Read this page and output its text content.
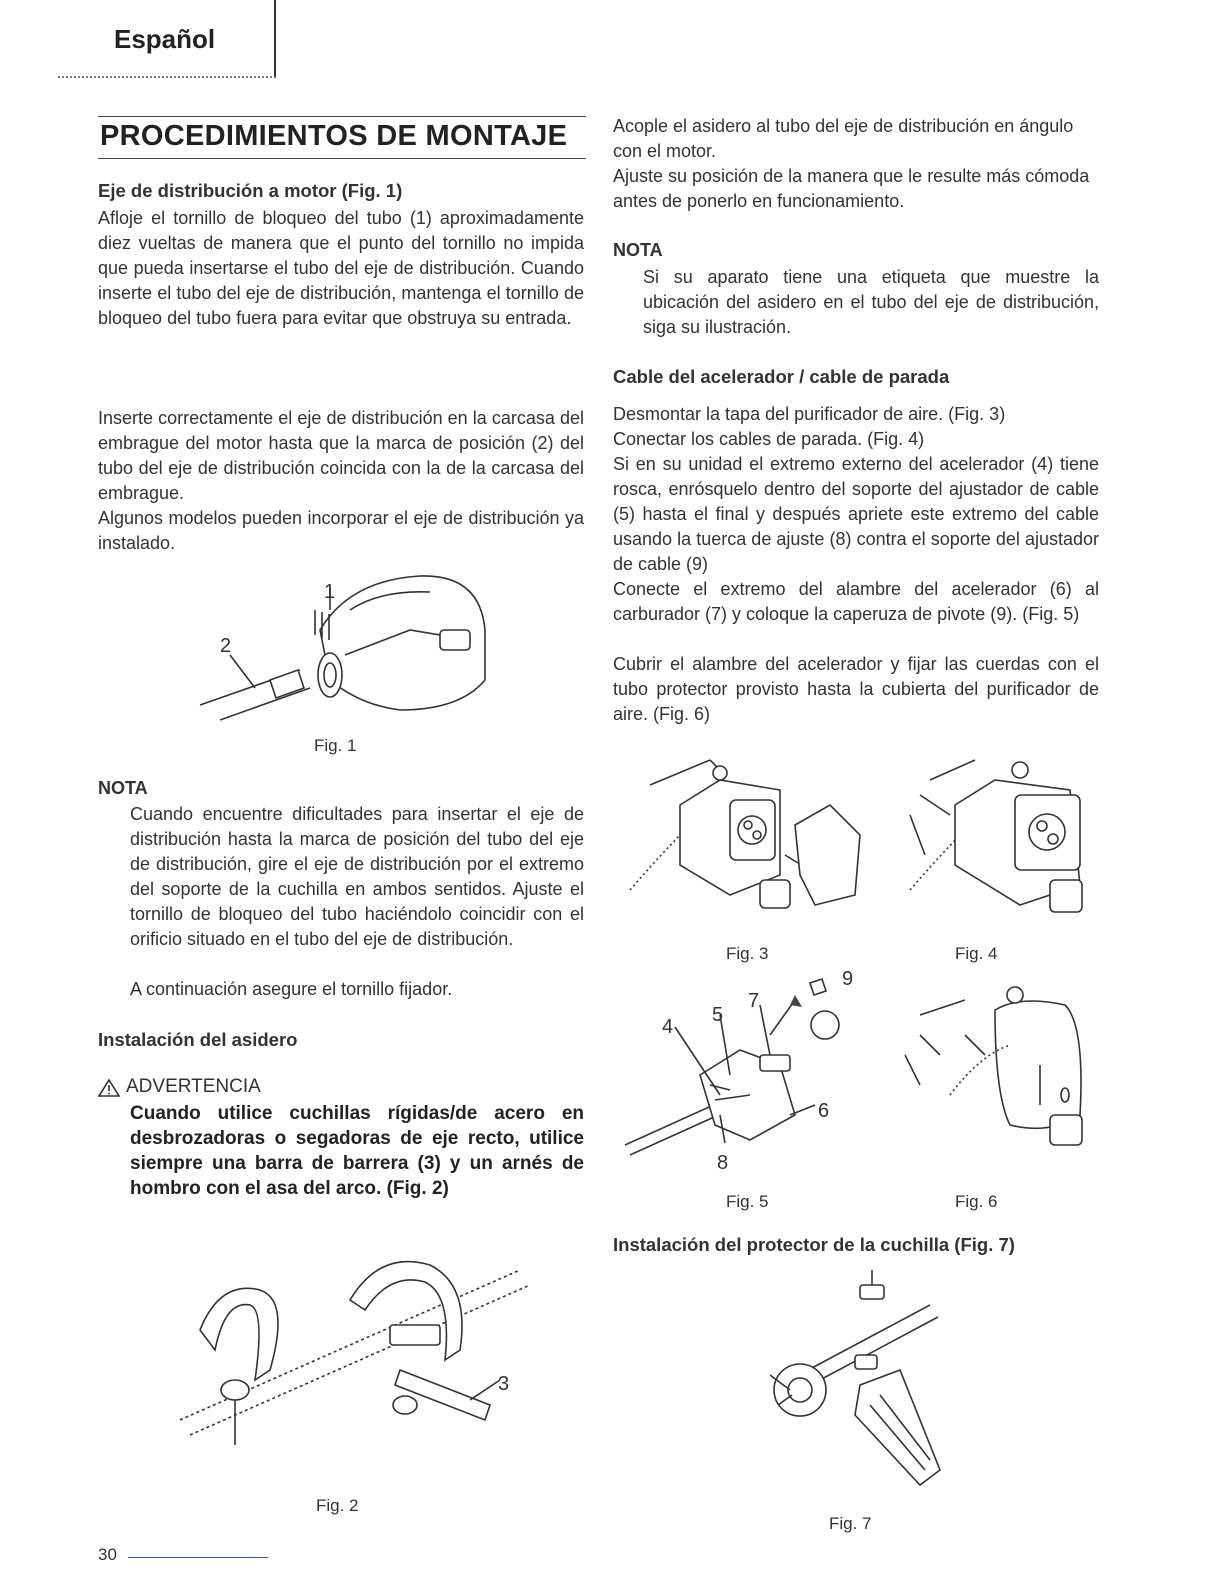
Español
PROCEDIMIENTOS DE MONTAJE
Eje de distribución a motor (Fig. 1)
Afloje el tornillo de bloqueo del tubo (1) aproximadamente diez vueltas de manera que el punto del tornillo no impida que pueda insertarse el tubo del eje de distribución. Cuando inserte el tubo del eje de distribución, mantenga el tornillo de bloqueo del tubo fuera para evitar que obstruya su entrada.
Inserte correctamente el eje de distribución en la carcasa del embrague del motor hasta que la marca de posición (2) del tubo del eje de distribución coincida con la de la carcasa del embrague.
Algunos modelos pueden incorporar el eje de distribución ya instalado.
1
2
Fig. 1
NOTA
Cuando encuentre dificultades para insertar el eje de distribución hasta la marca de posición del tubo del eje de distribución, gire el eje de distribución por el extremo del soporte de la cuchilla en ambos sentidos. Ajuste el tornillo de bloqueo del tubo haciéndolo coincidir con el orificio situado en el tubo del eje de distribución.
A continuación asegure el tornillo fijador.
Instalación del asidero
ADVERTENCIA
Cuando utilice cuchillas rígidas/de acero en desbrozadoras o segadoras de eje recto, utilice siempre una barra de barrera (3) y un arnés de hombro con el asa del arco. (Fig. 2)
3
Fig. 2
30
Acople el asidero al tubo del eje de distribución en ángulo con el motor.
Ajuste su posición de la manera que le resulte más cómoda antes de ponerlo en funcionamiento.
NOTA
Si su aparato tiene una etiqueta que muestre la ubicación del asidero en el tubo del eje de distribución, siga su ilustración.
Cable del acelerador / cable de parada
Desmontar la tapa del purificador de aire. (Fig. 3)
Conectar los cables de parada. (Fig. 4)
Si en su unidad el extremo externo del acelerador (4) tiene rosca, enrósquelo dentro del soporte del ajustador de cable (5) hasta el final y después apriete este extremo del cable usando la tuerca de ajuste (8) contra el soporte del ajustador de cable (9)
Conecte el extremo del alambre del acelerador (6) al carburador (7) y coloque la caperuza de pivote (9). (Fig. 5)
Cubrir el alambre del acelerador y fijar las cuerdas con el tubo protector provisto hasta la cubierta del purificador de aire. (Fig. 6)
Fig. 3	Fig. 4
4
5
7
9
6
8
Fig. 5	Fig. 6
Instalación del protector de la cuchilla (Fig. 7)
Fig. 7
